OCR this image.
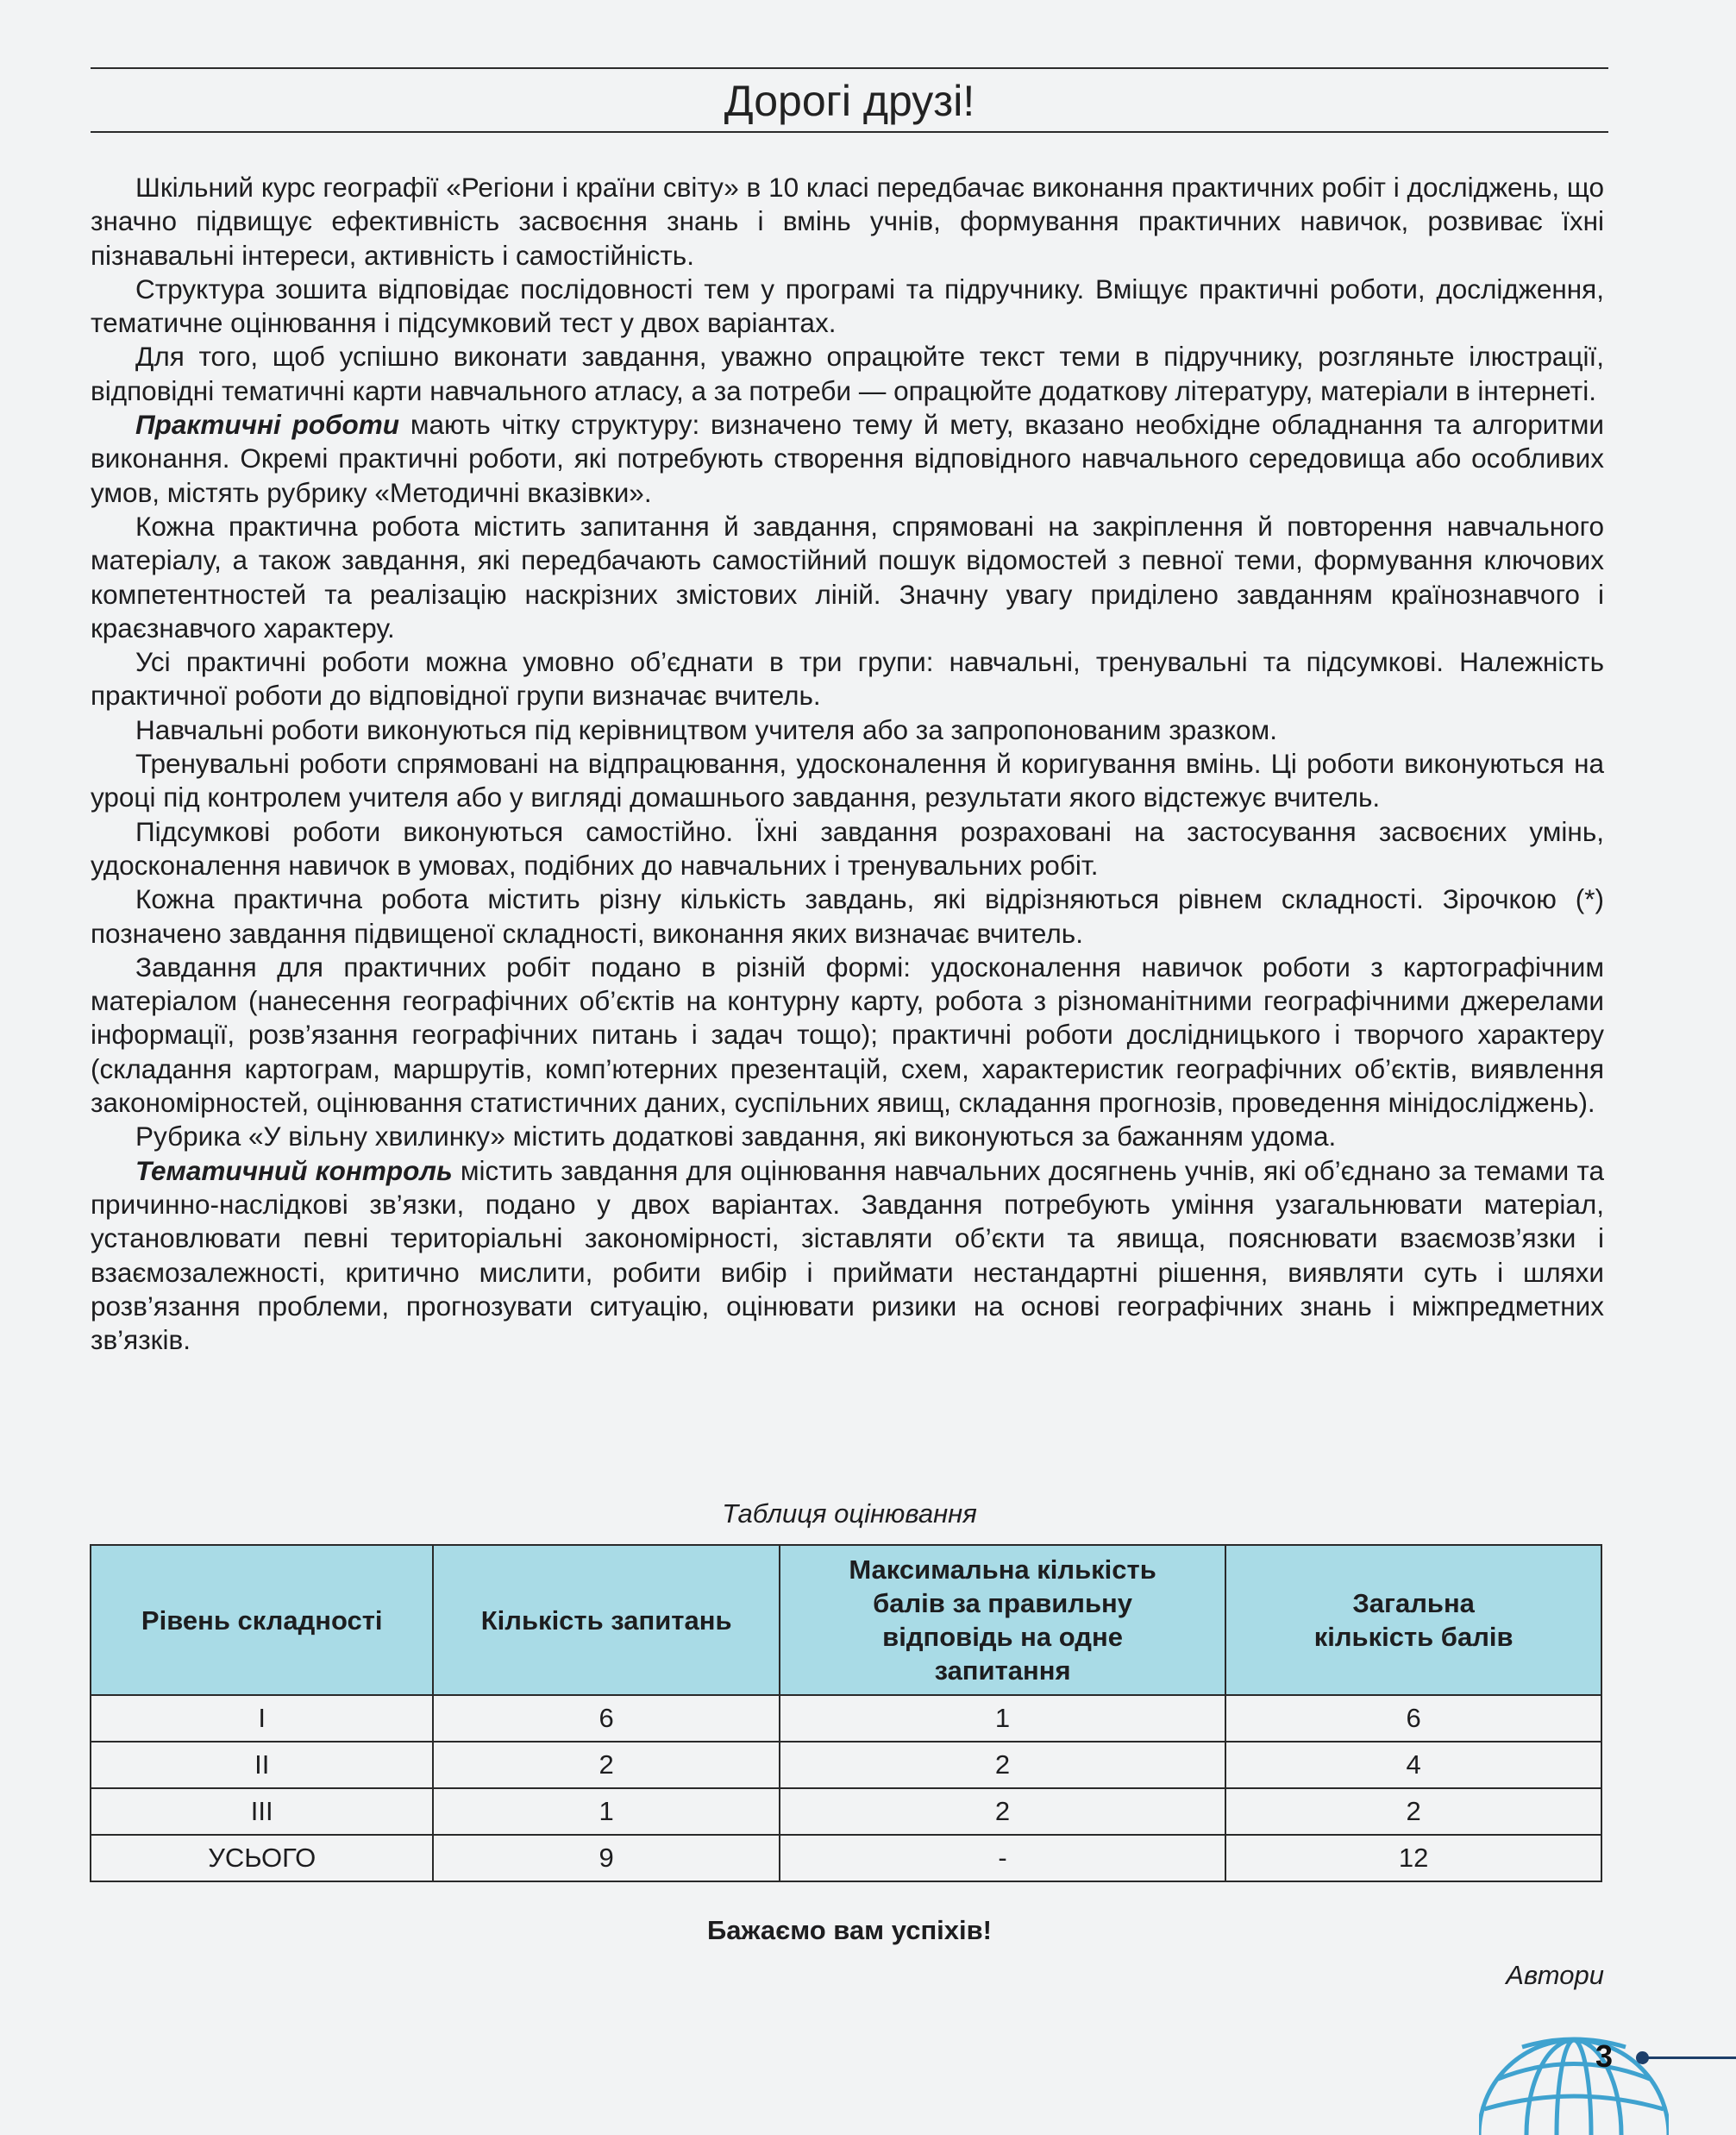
Дорогі друзі!

Шкільний курс географії «Регіони і країни світу» в 10 класі передбачає виконання практичних робіт і досліджень, що значно підвищує ефективність засвоєння знань і вмінь учнів, формування практичних навичок, розвиває їхні пізнавальні інтереси, активність і самостійність.

Структура зошита відповідає послідовності тем у програмі та підручнику. Вміщує практичні роботи, дослідження, тематичне оцінювання і підсумковий тест у двох варіантах.

Для того, щоб успішно виконати завдання, уважно опрацюйте текст теми в підручнику, розгляньте ілюстрації, відповідні тематичні карти навчального атласу, а за потреби — опрацюйте додаткову літературу, матеріали в інтернеті.

Практичні роботи мають чітку структуру: визначено тему й мету, вказано необхідне обладнання та алгоритми виконання. Окремі практичні роботи, які потребують створення відповідного навчального середовища або особливих умов, містять рубрику «Методичні вказівки».

Кожна практична робота містить запитання й завдання, спрямовані на закріплення й повторення навчального матеріалу, а також завдання, які передбачають самостійний пошук відомостей з певної теми, формування ключових компетентностей та реалізацію наскрізних змістових ліній. Значну увагу приділено завданням країнознавчого і краєзнавчого характеру.

Усі практичні роботи можна умовно об’єднати в три групи: навчальні, тренувальні та підсумкові. Належність практичної роботи до відповідної групи визначає вчитель.

Навчальні роботи виконуються під керівництвом учителя або за запропонованим зразком.

Тренувальні роботи спрямовані на відпрацювання, удосконалення й коригування вмінь. Ці роботи виконуються на уроці під контролем учителя або у вигляді домашнього завдання, результати якого відстежує вчитель.

Підсумкові роботи виконуються самостійно. Їхні завдання розраховані на застосування засвоєних умінь, удосконалення навичок в умовах, подібних до навчальних і тренувальних робіт.

Кожна практична робота містить різну кількість завдань, які відрізняються рівнем складності. Зірочкою (*) позначено завдання підвищеної складності, виконання яких визначає вчитель.

Завдання для практичних робіт подано в різній формі: удосконалення навичок роботи з картографічним матеріалом (нанесення географічних об’єктів на контурну карту, робота з різноманітними географічними джерелами інформації, розв’язання географічних питань і задач тощо); практичні роботи дослідницького і творчого характеру (складання картограм, маршрутів, комп’ютерних презентацій, схем, характеристик географічних об’єктів, виявлення закономірностей, оцінювання статистичних даних, суспільних явищ, складання прогнозів, проведення мінідосліджень).

Рубрика «У вільну хвилинку» містить додаткові завдання, які виконуються за бажанням удома.

Тематичний контроль містить завдання для оцінювання навчальних досягнень учнів, які об’єднано за темами та причинно-наслідкові зв’язки, подано у двох варіантах. Завдання потребують уміння узагальнювати матеріал, установлювати певні територіальні закономірності, зіставляти об’єкти та явища, пояснювати взаємозв’язки і взаємозалежності, критично мислити, робити вибір і приймати нестандартні рішення, виявляти суть і шляхи розв’язання проблеми, прогнозувати ситуацію, оцінювати ризики на основі географічних знань і міжпредметних зв’язків.

Таблиця оцінювання
Рівень складності	Кількість запитань	Максимальна кількість балів за правильну відповідь на одне запитання	Загальна кількість балів
I	6	1	6
II	2	2	4
III	1	2	2
УСЬОГО	9	-	12
Бажаємо вам успіхів!
Автори
3
